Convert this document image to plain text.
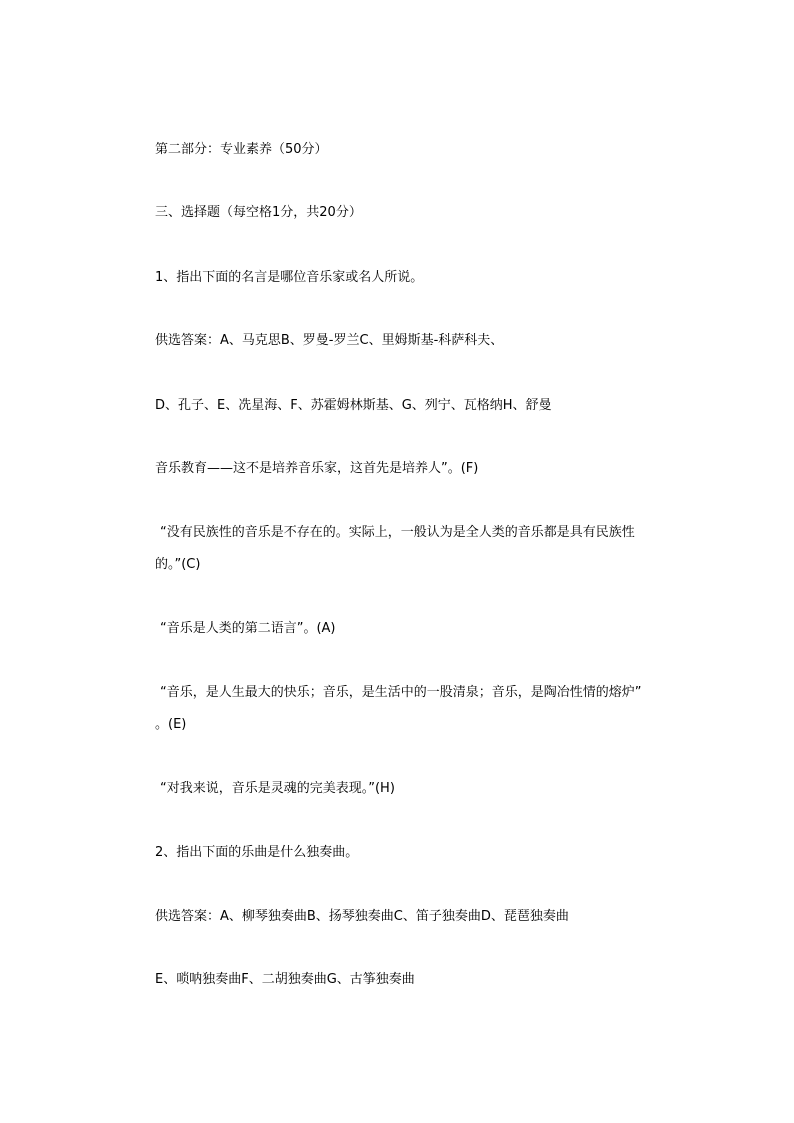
第二部分：专业素养（50分）
三、选择题（每空格1分，共20分）
1、指出下面的名言是哪位音乐家或名人所说。
供选答案：A、马克思B、罗曼-罗兰C、里姆斯基-科萨科夫、
D、孔子、E、冼星海、F、苏霍姆林斯基、G、列宁、瓦格纳H、舒曼
音乐教育——这不是培养音乐家，这首先是培养人”。(F)
“没有民族性的音乐是不存在的。实际上，一般认为是全人类的音乐都是具有民族性
的。”(C)
“音乐是人类的第二语言”。(A)
“音乐，是人生最大的快乐；音乐，是生活中的一股清泉；音乐，是陶冶性情的熔炉”
。(E)
“对我来说，音乐是灵魂的完美表现。”(H)
2、指出下面的乐曲是什么独奏曲。
供选答案：A、柳琴独奏曲B、扬琴独奏曲C、笛子独奏曲D、琵琶独奏曲
E、唢呐独奏曲F、二胡独奏曲G、古筝独奏曲
